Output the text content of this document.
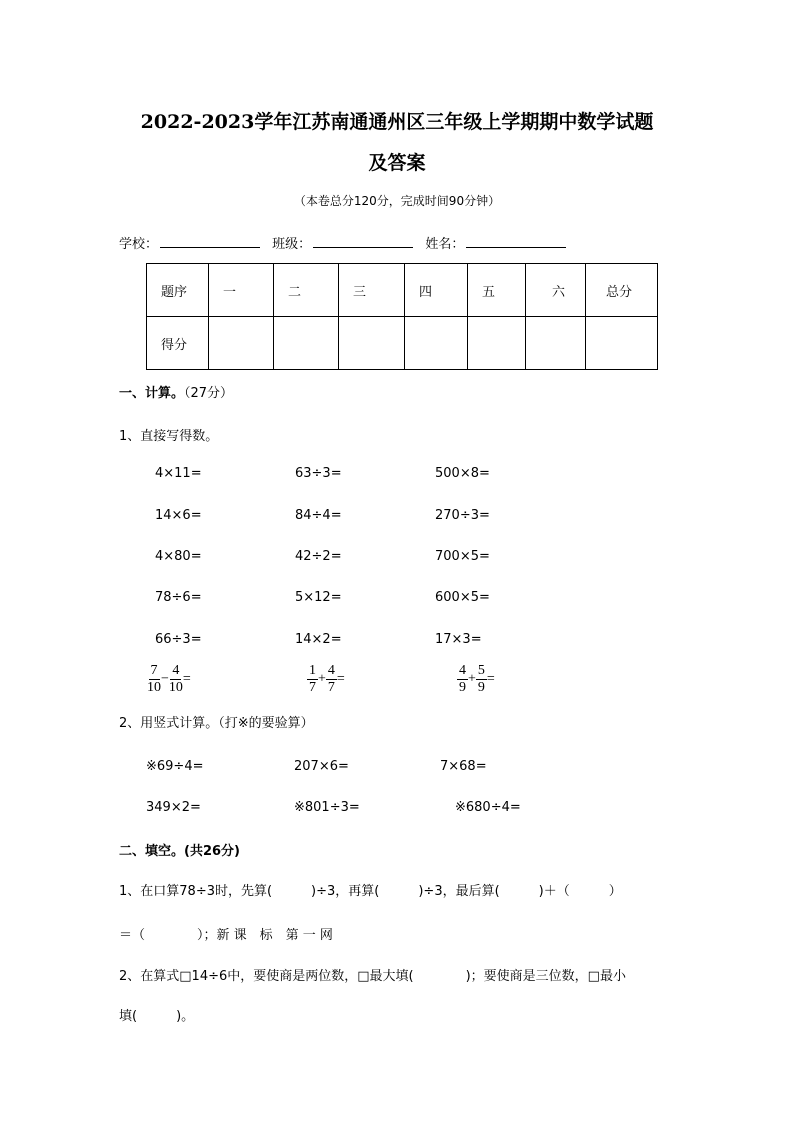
2022-2023学年江苏南通通州区三年级上学期期中数学试题
及答案
（本卷总分120分，完成时间90分钟）
学校：	班级：	姓名：
题序	一	二	三	四	五	六	总分
得分							
一、计算。（27分）
1、直接写得数。
2、用竖式计算。（打※的要验算）
二、填空。(共26分)
1、在口算78÷3时，先算(　　　)÷3，再算(　　　)÷3，最后算(　　　)＋（　　　）
＝（　　　　）；新 课　标　第 一 网
2、在算式□14÷6中，要使商是两位数，□最大填(　　　　)；要使商是三位数，□最小
填(　　　)。
4×11=	63÷3=	500×8=
14×6=	84÷4=	270÷3=
4×80=	42÷2=	700×5=
78÷6=	5×12=	600×5=
66÷3=	14×2=	17×3=
$\frac{7}{10} - \frac{4}{10}$ =	$\frac{1}{7} + \frac{4}{7}$ =	$\frac{4}{9} + \frac{5}{9}$ =
※69÷4=	207×6=	7×68=
349×2=	※801÷3=	※680÷4=
